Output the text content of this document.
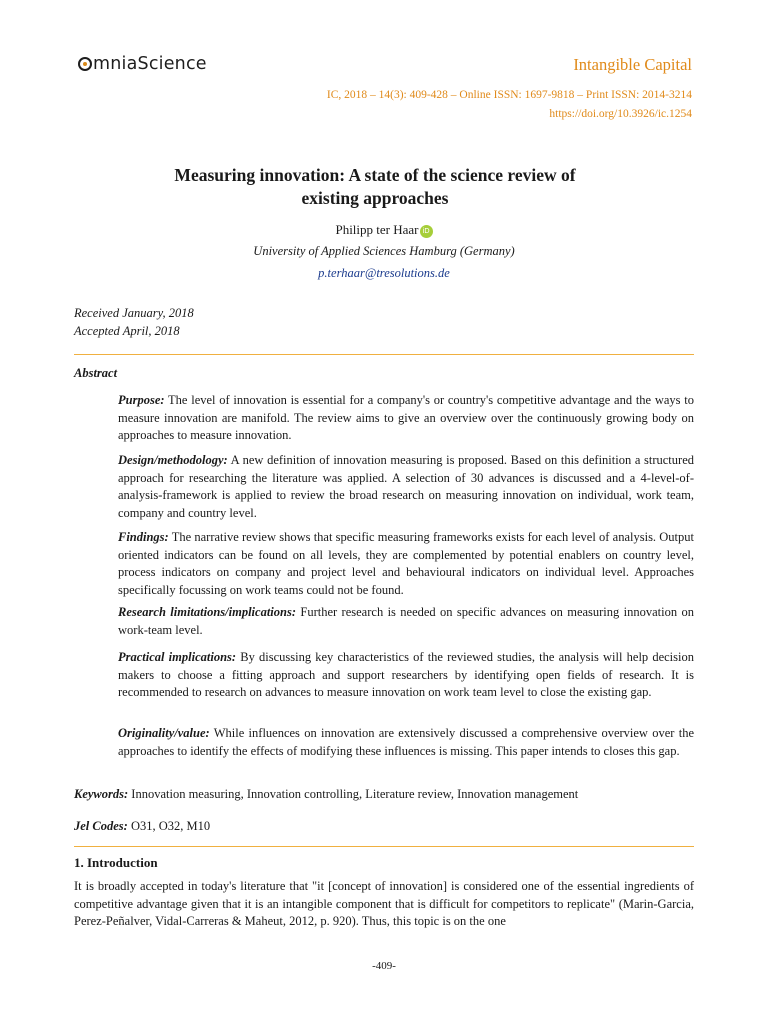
mniaScience	Intangible Capital
IC, 2018 – 14(3): 409-428 – Online ISSN: 1697-9818 – Print ISSN: 2014-3214
https://doi.org/10.3926/ic.1254
Measuring innovation: A state of the science review of
existing approaches
Philipp ter Haar iD
University of Applied Sciences Hamburg (Germany)
p.terhaar@tresolutions.de
Received January, 2018
Accepted April, 2018
Abstract
Purpose: The level of innovation is essential for a company's or country's competitive advantage and the ways to measure innovation are manifold. The review aims to give an overview over the continuously growing body on approaches to measure innovation.
Design/methodology: A new definition of innovation measuring is proposed. Based on this definition a structured approach for researching the literature was applied. A selection of 30 advances is discussed and a 4-level-of-analysis-framework is applied to review the broad research on measuring innovation on individual, work team, company and country level.
Findings: The narrative review shows that specific measuring frameworks exists for each level of analysis. Output oriented indicators can be found on all levels, they are complemented by potential enablers on country level, process indicators on company and project level and behavioural indicators on individual level. Approaches specifically focussing on work teams could not be found.
Research limitations/implications: Further research is needed on specific advances on measuring innovation on work-team level.
Practical implications: By discussing key characteristics of the reviewed studies, the analysis will help decision makers to choose a fitting approach and support researchers by identifying open fields of research. It is recommended to research on advances to measure innovation on work team level to close the existing gap.
Originality/value: While influences on innovation are extensively discussed a comprehensive overview over the approaches to identify the effects of modifying these influences is missing. This paper intends to closes this gap.
Keywords: Innovation measuring, Innovation controlling, Literature review, Innovation management
Jel Codes: O31, O32, M10
1. Introduction
It is broadly accepted in today's literature that "it [concept of innovation] is considered one of the essential ingredients of competitive advantage given that it is an intangible component that is difficult for competitors to replicate" (Marin-Garcia, Perez-Peñalver, Vidal-Carreras & Maheut, 2012, p. 920). Thus, this topic is on the one
-409-
